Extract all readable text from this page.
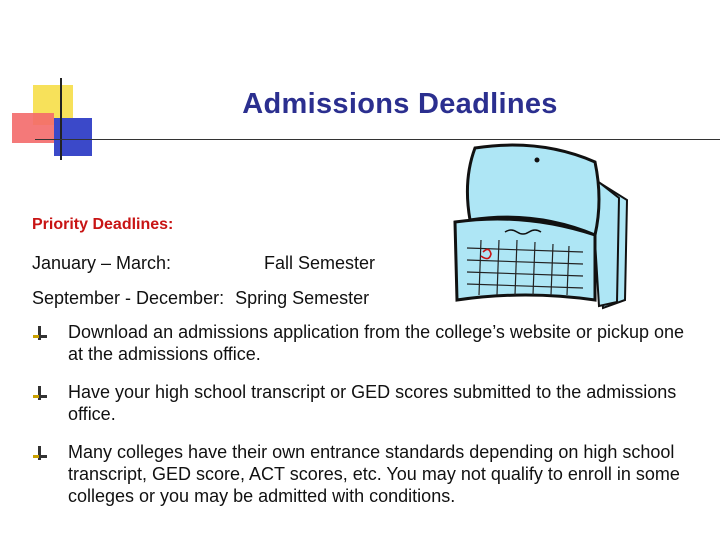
Admissions Deadlines
Priority Deadlines:
January – March:	Fall Semester
September - December: Spring Semester
Download an admissions application from the college’s website or pickup one at the admissions office.
Have your high school transcript or GED scores submitted to the admissions office.
Many colleges have their own entrance standards depending on high school transcript, GED score, ACT scores, etc. You may not qualify to enroll in some colleges or you may be admitted with conditions.
